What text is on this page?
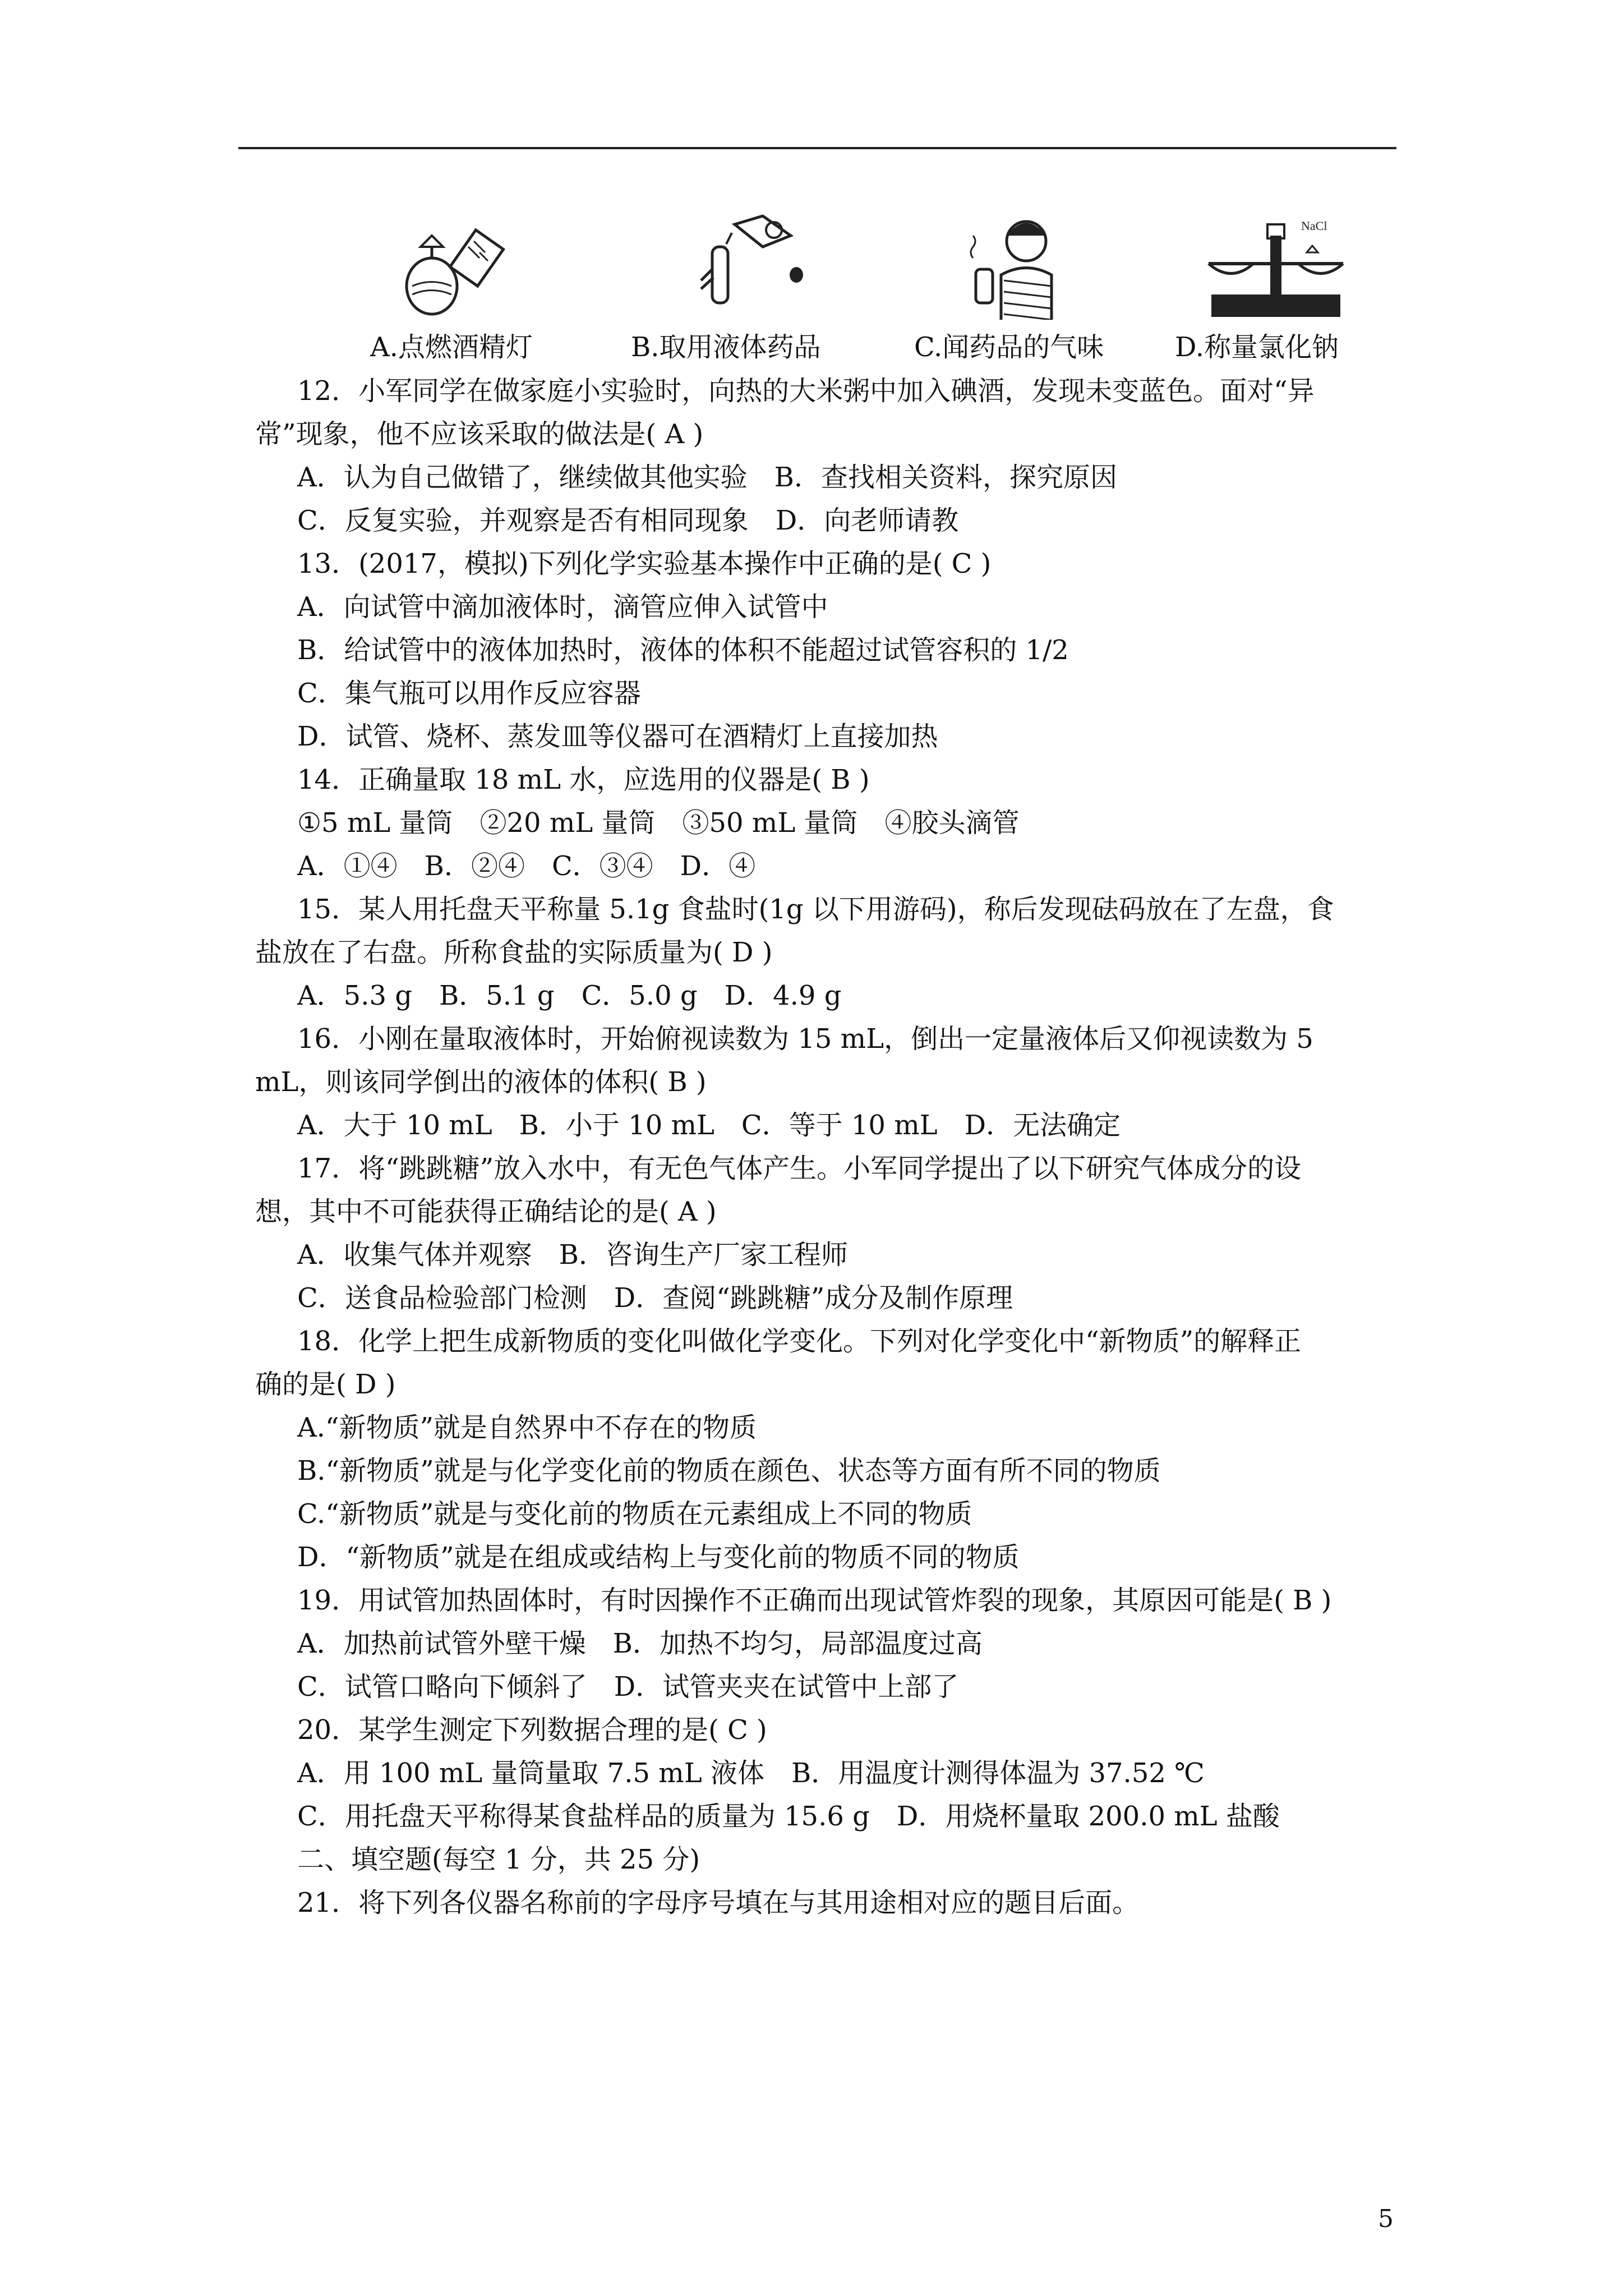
A.点燃酒精灯	B.取用液体药品	C.闻药品的气味
NaCl
D.称量氯化钠
12．小军同学在做家庭小实验时，向热的大米粥中加入碘酒，发现未变蓝色。面对“异
常”现象，他不应该采取的做法是( A )
A．认为自己做错了，继续做其他实验　B．查找相关资料，探究原因
C．反复实验，并观察是否有相同现象　D．向老师请教
13．(2017，模拟)下列化学实验基本操作中正确的是( C )
A．向试管中滴加液体时，滴管应伸入试管中
B．给试管中的液体加热时，液体的体积不能超过试管容积的 1/2
C．集气瓶可以用作反应容器
D．试管、烧杯、蒸发皿等仪器可在酒精灯上直接加热
14．正确量取 18 mL 水，应选用的仪器是( B )
①5 mL 量筒　②20 mL 量筒　③50 mL 量筒　④胶头滴管
A．①④　B．②④　C．③④　D．④
15．某人用托盘天平称量 5.1g 食盐时(1g 以下用游码)，称后发现砝码放在了左盘，食
盐放在了右盘。所称食盐的实际质量为( D )
A．5.3 g　B．5.1 g　C．5.0 g　D．4.9 g
16．小刚在量取液体时，开始俯视读数为 15 mL，倒出一定量液体后又仰视读数为 5
mL，则该同学倒出的液体的体积( B )
A．大于 10 mL　B．小于 10 mL　C．等于 10 mL　D．无法确定
17．将“跳跳糖”放入水中，有无色气体产生。小军同学提出了以下研究气体成分的设
想，其中不可能获得正确结论的是( A )
A．收集气体并观察　B．咨询生产厂家工程师
C．送食品检验部门检测　D．查阅“跳跳糖”成分及制作原理
18．化学上把生成新物质的变化叫做化学变化。下列对化学变化中“新物质”的解释正
确的是( D )
A.“新物质”就是自然界中不存在的物质
B.“新物质”就是与化学变化前的物质在颜色、状态等方面有所不同的物质
C.“新物质”就是与变化前的物质在元素组成上不同的物质
D．“新物质”就是在组成或结构上与变化前的物质不同的物质
19．用试管加热固体时，有时因操作不正确而出现试管炸裂的现象，其原因可能是( B )
A．加热前试管外壁干燥　B．加热不均匀，局部温度过高
C．试管口略向下倾斜了　D．试管夹夹在试管中上部了
20．某学生测定下列数据合理的是( C )
A．用 100 mL 量筒量取 7.5 mL 液体　B．用温度计测得体温为 37.52 ℃
C．用托盘天平称得某食盐样品的质量为 15.6 g　D．用烧杯量取 200.0 mL 盐酸
二、填空题(每空 1 分，共 25 分)
21．将下列各仪器名称前的字母序号填在与其用途相对应的题目后面。
5
